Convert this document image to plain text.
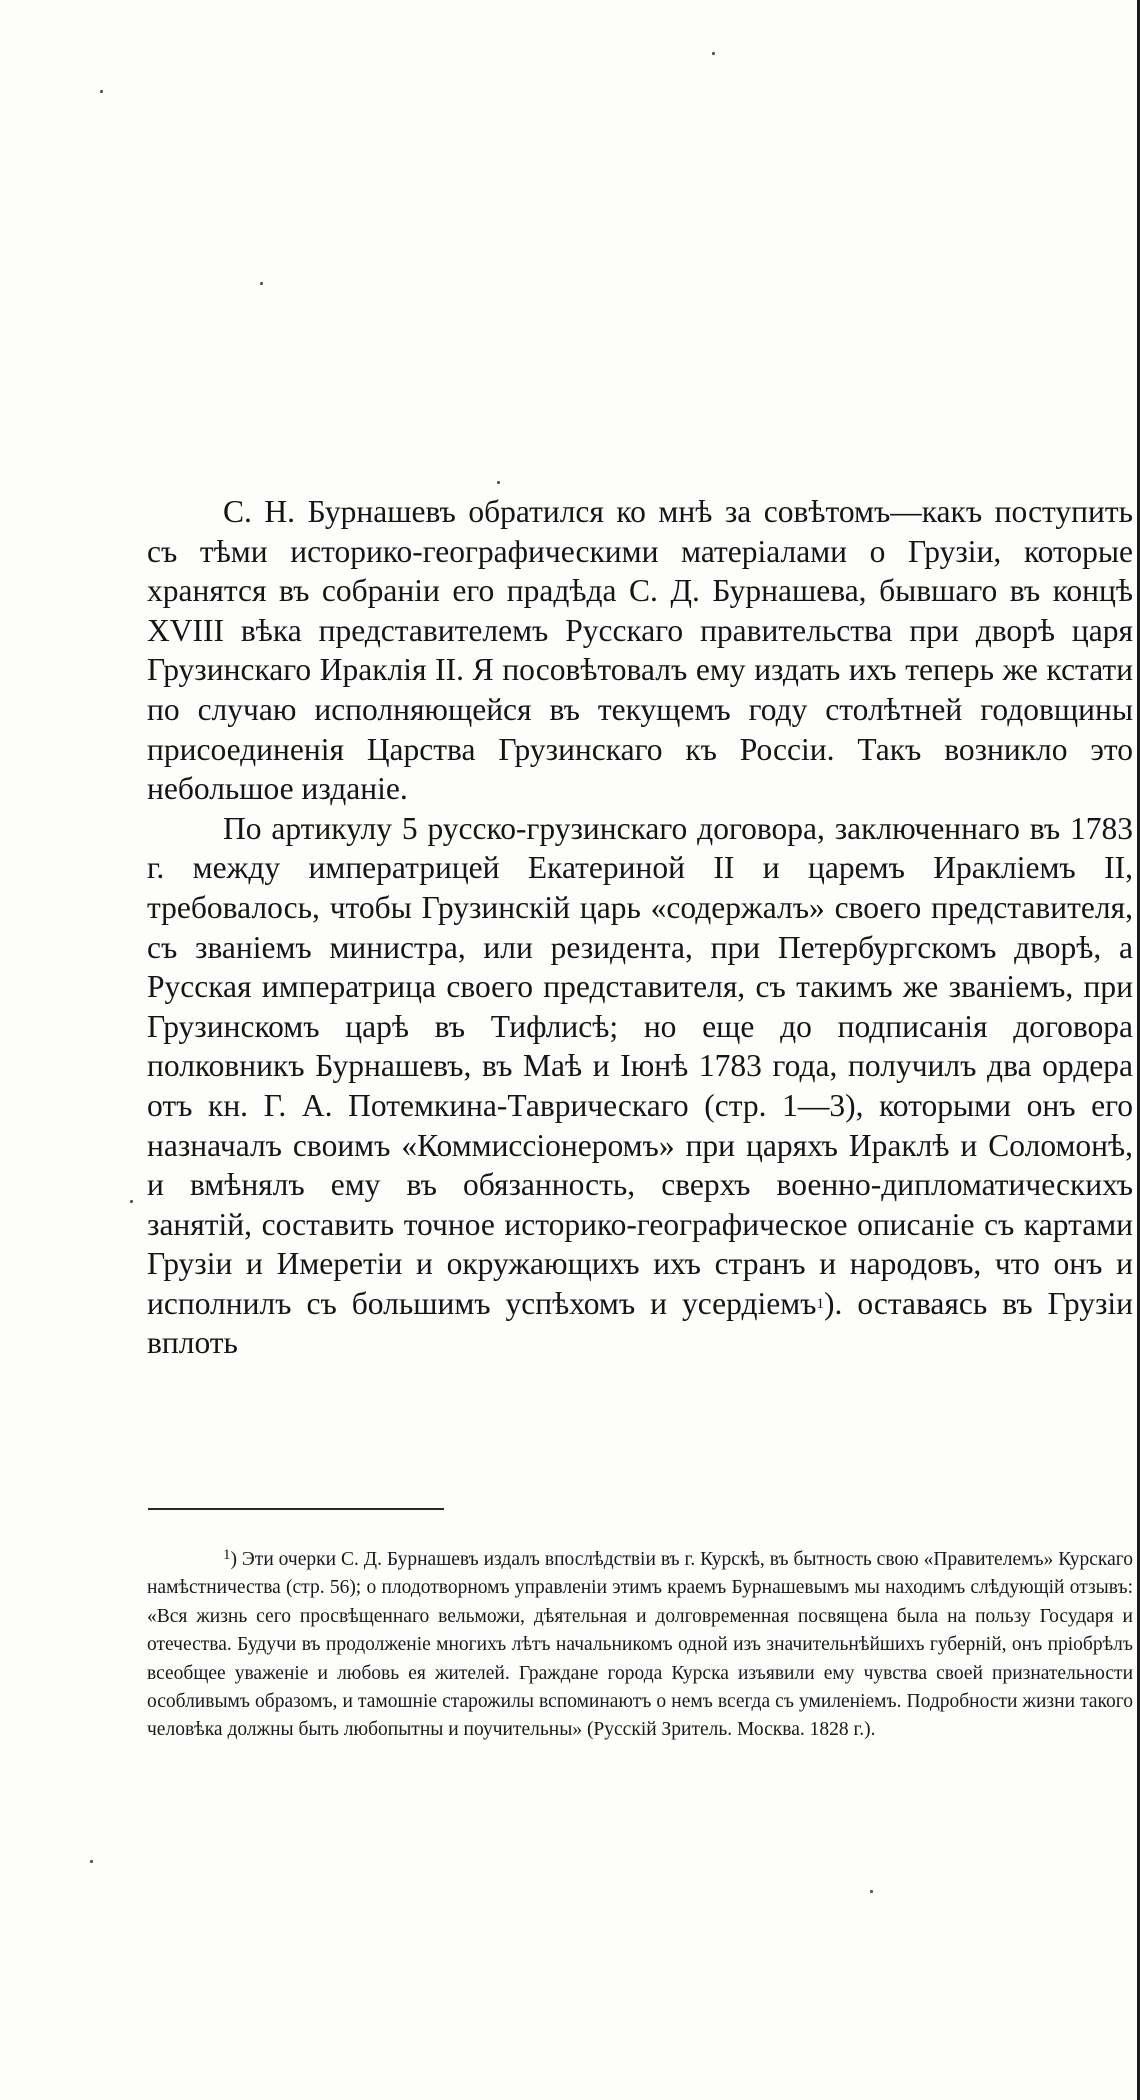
С. Н. Бурнашевъ обратился ко мнѣ за совѣтомъ—какъ поступить съ тѣми историко-географическими матеріалами о Грузіи, которые хранятся въ собраніи его прадѣда С. Д. Бурнашева, бывшаго въ концѣ XVIII вѣка представителемъ Русскаго правительства при дворѣ царя Грузинскаго Ираклія II. Я посовѣтовалъ ему издать ихъ теперь же кстати по случаю исполняющейся въ текущемъ году столѣтней годовщины присоединенія Царства Грузинскаго къ Россіи. Такъ возникло это небольшое изданіе.

По артикулу 5 русско-грузинскаго договора, заключеннаго въ 1783 г. между императрицей Екатериной II и царемъ Иракліемъ II, требовалось, чтобы Грузинскій царь «содержалъ» своего представителя, съ званіемъ министра, или резидента, при Петербургскомъ дворѣ, а Русская императрица своего представителя, съ такимъ же званіемъ, при Грузинскомъ царѣ въ Тифлисѣ; но еще до подписанія договора полковникъ Бурнашевъ, въ Маѣ и Іюнѣ 1783 года, получилъ два ордера отъ кн. Г. А. Потемкина-Таврическаго (стр. 1—3), которыми онъ его назначалъ своимъ «Коммиссіонеромъ» при царяхъ Ираклѣ и Соломонѣ, и вмѣнялъ ему въ обязанность, сверхъ военно-дипломатическихъ занятій, составить точное историко-географическое описаніе съ картами Грузіи и Имеретіи и окружающихъ ихъ странъ и народовъ, что онъ и исполнилъ съ большимъ успѣхомъ и усердіемъ$^1$). оставаясь въ Грузіи вплоть

$^1$) Эти очерки С. Д. Бурнашевъ издалъ впослѣдствіи въ г. Курскѣ, въ бытность свою «Правителемъ» Курскаго намѣстничества (стр. 56); о плодотворномъ управленіи этимъ краемъ Бурнашевымъ мы находимъ слѣдующій отзывъ: «Вся жизнь сего просвѣщеннаго вельможи, дѣятельная и долговременная посвящена была на пользу Государя и отечества. Будучи въ продолженіе многихъ лѣтъ начальникомъ одной изъ значительнѣйшихъ губерній, онъ пріобрѣлъ всеобщее уваженіе и любовь ея жителей. Граждане города Курска изъявили ему чувства своей признательности особливымъ образомъ, и тамошніе старожилы вспоминаютъ о немъ всегда съ умиленіемъ. Подробности жизни такого человѣка должны быть любопытны и поучительны» (Русскій Зритель. Москва. 1828 г.).
